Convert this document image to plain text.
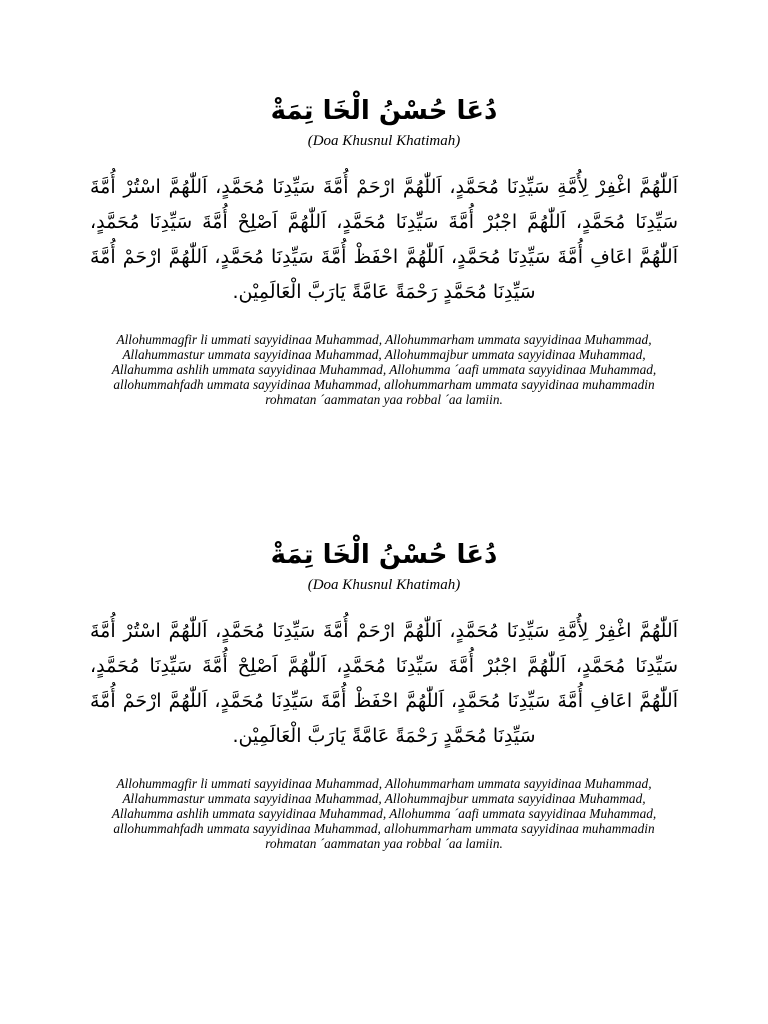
دُعَا حُسْنُ الْخَا تِمَةْ

(Doa Khusnul Khatimah)

اَللّٰهُمَّ اغْفِرْ لِأُمَّةِ سَيِّدِنَا مُحَمَّدٍ، اَللّٰهُمَّ ارْحَمْ أُمَّةَ سَيِّدِنَا مُحَمَّدٍ، اَللّٰهُمَّ اسْتُرْ أُمَّةَ سَيِّدِنَا مُحَمَّدٍ، اَللّٰهُمَّ اجْبُرْ أُمَّةَ سَيِّدِنَا مُحَمَّدٍ، اَللّٰهُمَّ اَصْلِحْ أُمَّةَ سَيِّدِنَا مُحَمَّدٍ، اَللّٰهُمَّ اعَافِ أُمَّةَ سَيِّدِنَا مُحَمَّدٍ، اَللّٰهُمَّ احْفَظْ أُمَّةَ سَيِّدِنَا مُحَمَّدٍ، اَللّٰهُمَّ ارْحَمْ أُمَّةَ سَيِّدِنَا مُحَمَّدٍ رَحْمَةً عَامَّةً يَارَبَّ الْعَالَمِيْن.

Allohummagfir li ummati sayyidinaa Muhammad, Allohummarham ummata sayyidinaa Muhammad, Allahummastur ummata sayyidinaa Muhammad, Allohummajbur ummata sayyidinaa Muhammad, Allahumma ashlih ummata sayyidinaa Muhammad, Allohumma ´aafi ummata sayyidinaa Muhammad, allohummahfadh ummata sayyidinaa Muhammad, allohummarham ummata sayyidinaa muhammadin rohmatan ´aammatan yaa robbal ´aa lamiin.

دُعَا حُسْنُ الْخَا تِمَةْ

(Doa Khusnul Khatimah)

اَللّٰهُمَّ اغْفِرْ لِأُمَّةِ سَيِّدِنَا مُحَمَّدٍ، اَللّٰهُمَّ ارْحَمْ أُمَّةَ سَيِّدِنَا مُحَمَّدٍ، اَللّٰهُمَّ اسْتُرْ أُمَّةَ سَيِّدِنَا مُحَمَّدٍ، اَللّٰهُمَّ اجْبُرْ أُمَّةَ سَيِّدِنَا مُحَمَّدٍ، اَللّٰهُمَّ اَصْلِحْ أُمَّةَ سَيِّدِنَا مُحَمَّدٍ، اَللّٰهُمَّ اعَافِ أُمَّةَ سَيِّدِنَا مُحَمَّدٍ، اَللّٰهُمَّ احْفَظْ أُمَّةَ سَيِّدِنَا مُحَمَّدٍ، اَللّٰهُمَّ ارْحَمْ أُمَّةَ سَيِّدِنَا مُحَمَّدٍ رَحْمَةً عَامَّةً يَارَبَّ الْعَالَمِيْن.

Allohummagfir li ummati sayyidinaa Muhammad, Allohummarham ummata sayyidinaa Muhammad, Allahummastur ummata sayyidinaa Muhammad, Allohummajbur ummata sayyidinaa Muhammad, Allahumma ashlih ummata sayyidinaa Muhammad, Allohumma ´aafi ummata sayyidinaa Muhammad, allohummahfadh ummata sayyidinaa Muhammad, allohummarham ummata sayyidinaa muhammadin rohmatan ´aammatan yaa robbal ´aa lamiin.
